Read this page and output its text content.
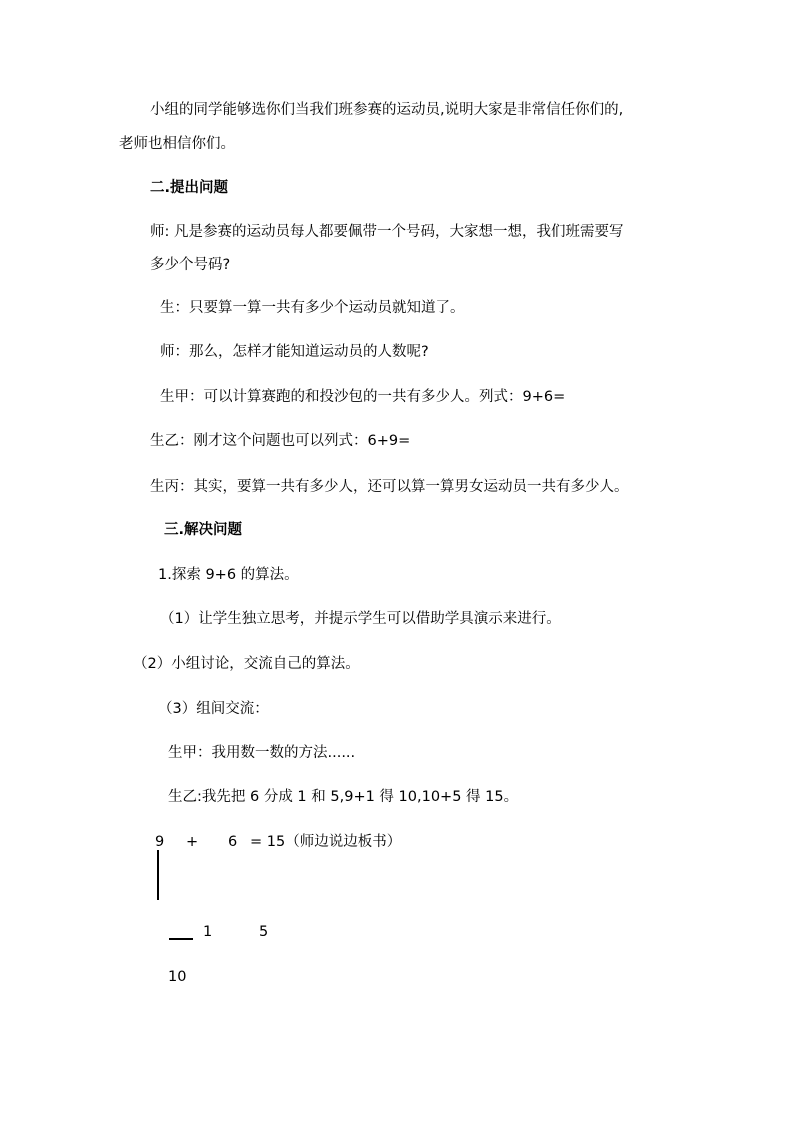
小组的同学能够选你们当我们班参赛的运动员,说明大家是非常信任你们的,
老师也相信你们。
二.提出问题
师: 凡是参赛的运动员每人都要佩带一个号码，大家想一想，我们班需要写
多少个号码?
生：只要算一算一共有多少个运动员就知道了。
师：那么，怎样才能知道运动员的人数呢?
生甲：可以计算赛跑的和投沙包的一共有多少人。列式：9+6=
生乙：刚才这个问题也可以列式：6+9=
生丙：其实，要算一共有多少人，还可以算一算男女运动员一共有多少人。
三.解决问题
1.探索 9+6 的算法。
（1）让学生独立思考，并提示学生可以借助学具演示来进行。
（2）小组讨论，交流自己的算法。
（3）组间交流：
生甲：我用数一数的方法......
生乙:我先把 6 分成 1 和 5,9+1 得 10,10+5 得 15。
9 + 6 = 15（师边说边板书）
1	5
10
